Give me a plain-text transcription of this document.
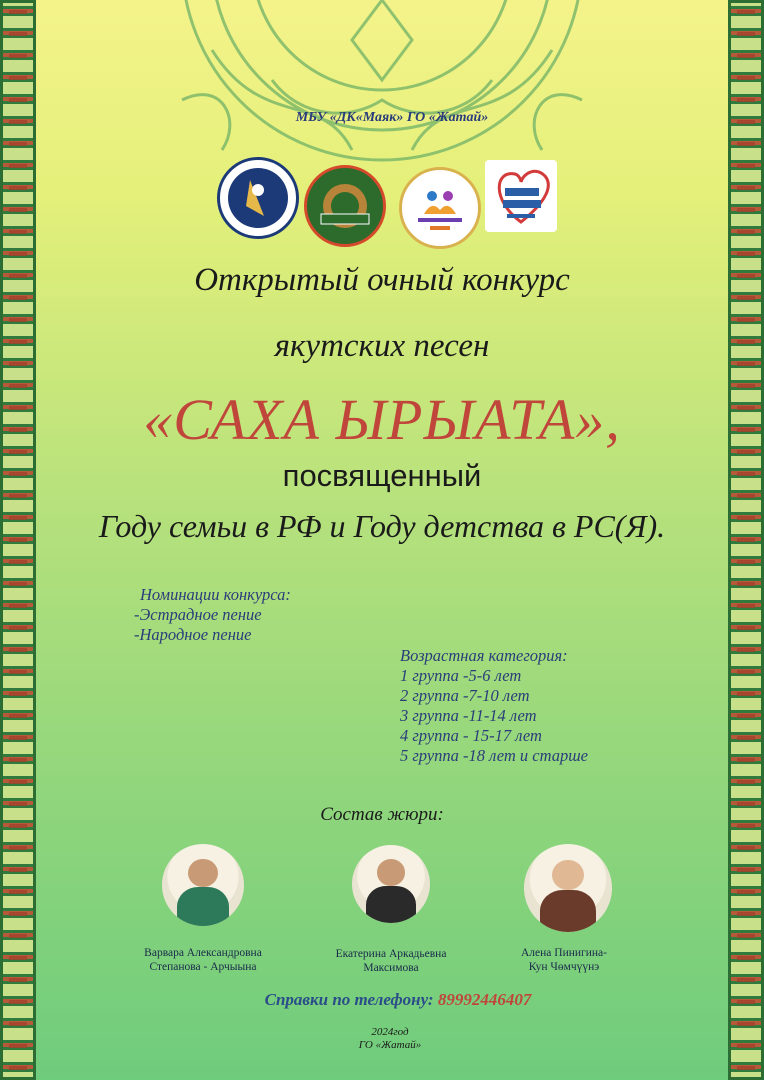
МБУ «ДК«Маяк» ГО «Жатай»
Открытый очный конкурс
якутских песен
«САХА ЫРЫАТА»,
посвященный
Году семьи в РФ и Году детства в РС(Я).
Номинации конкурса:
-Эстрадное пение
-Народное пение
Возрастная категория:
1 группа -5-6 лет
2 группа -7-10 лет
3 группа -11-14 лет
4 группа - 15-17 лет
5 группа -18 лет и старше
Состав жюри:
Варвара Александровна
Степанова - Арчыына
Екатерина Аркадьевна
Максимова
Алена Пинигина-
Кун Чөмчүүнэ
Справки по телефону: 89992446407
2024год
ГО «Жатай»
